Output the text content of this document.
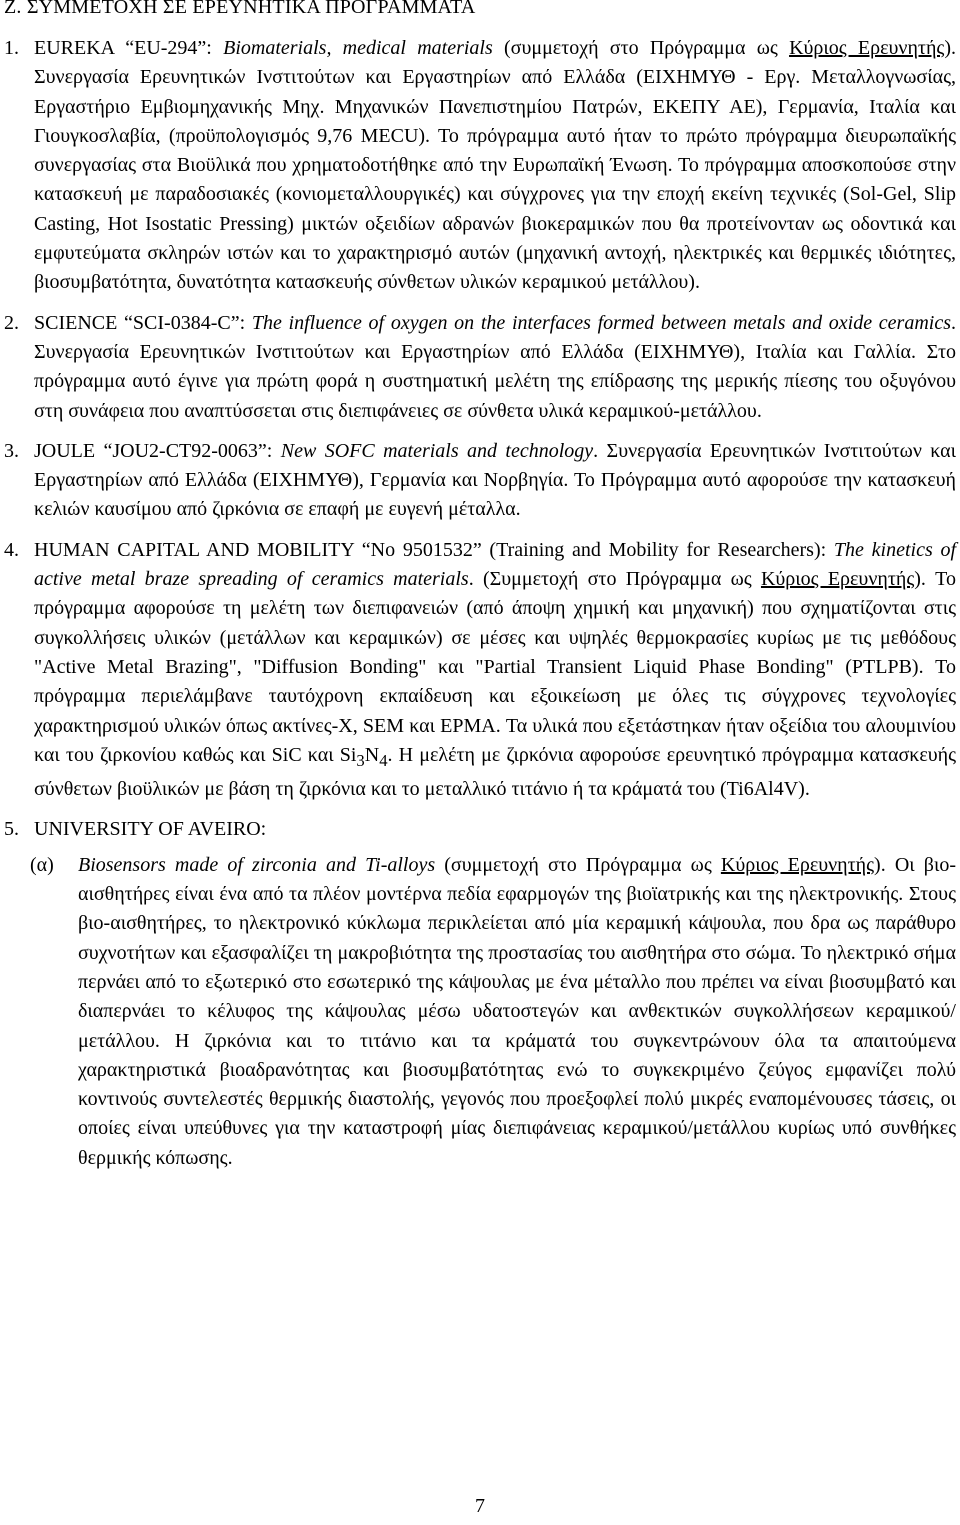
Ζ. ΣΥΜΜΕΤΟΧΗ ΣΕ ΕΡΕΥΝΗΤΙΚΑ ΠΡΟΓΡΑΜΜΑΤΑ
1. EUREKA “EU-294”: Biomaterials, medical materials (συμμετοχή στο Πρόγραμμα ως Κύριος Ερευνητής). Συνεργασία Ερευνητικών Ινστιτούτων και Εργαστηρίων από Ελλάδα (ΕΙΧΗΜΥΘ - Εργ. Μεταλλογνωσίας, Εργαστήριο Εμβιομηχανικής Μηχ. Μηχανικών Πανεπιστημίου Πατρών, ΕΚΕΠΥ ΑΕ), Γερμανία, Ιταλία και Γιουγκοσλαβία, (προϋπολογισμός 9,76 MECU). Το πρόγραμμα αυτό ήταν το πρώτο πρόγραμμα διευρωπαϊκής συνεργασίας στα Βιοϋλικά που χρηματοδοτήθηκε από την Ευρωπαϊκή Ένωση. Το πρόγραμμα αποσκοπούσε στην κατασκευή με παραδοσιακές (κονιομεταλλουργικές) και σύγχρονες για την εποχή εκείνη τεχνικές (Sol-Gel, Slip Casting, Hot Isostatic Pressing) μικτών οξειδίων αδρανών βιοκεραμικών που θα προτείνονταν ως οδοντικά και εμφυτεύματα σκληρών ιστών και το χαρακτηρισμό αυτών (μηχανική αντοχή, ηλεκτρικές και θερμικές ιδιότητες, βιοσυμβατότητα, δυνατότητα κατασκευής σύνθετων υλικών κεραμικού μετάλλου).
2. SCIENCE “SCI-0384-C”: The influence of oxygen on the interfaces formed between metals and oxide ceramics. Συνεργασία Ερευνητικών Ινστιτούτων και Εργαστηρίων από Ελλάδα (ΕΙΧΗΜΥΘ), Ιταλία και Γαλλία. Στο πρόγραμμα αυτό έγινε για πρώτη φορά η συστηματική μελέτη της επίδρασης της μερικής πίεσης του οξυγόνου στη συνάφεια που αναπτύσσεται στις διεπιφάνειες σε σύνθετα υλικά κεραμικού-μετάλλου.
3. JOULE “JOU2-CT92-0063”: New SOFC materials and technology. Συνεργασία Ερευνητικών Ινστιτούτων και Εργαστηρίων από Ελλάδα (ΕΙΧΗΜΥΘ), Γερμανία και Νορβηγία. Το Πρόγραμμα αυτό αφορούσε την κατασκευή κελιών καυσίμου από ζιρκόνια σε επαφή με ευγενή μέταλλα.
4. HUMAN CAPITAL AND MOBILITY “No 9501532” (Training and Mobility for Researchers): The kinetics of active metal braze spreading of ceramics materials. (Συμμετοχή στο Πρόγραμμα ως Κύριος Ερευνητής). Το πρόγραμμα αφορούσε τη μελέτη των διεπιφανειών (από άποψη χημική και μηχανική) που σχηματίζονται στις συγκολλήσεις υλικών (μετάλλων και κεραμικών) σε μέσες και υψηλές θερμοκρασίες κυρίως με τις μεθόδους "Active Metal Brazing", "Diffusion Bonding" και "Partial Transient Liquid Phase Bonding" (PTLPB). Το πρόγραμμα περιελάμβανε ταυτόχρονη εκπαίδευση και εξοικείωση με όλες τις σύγχρονες τεχνολογίες χαρακτηρισμού υλικών όπως ακτίνες-Χ, SEM και EPMA. Τα υλικά που εξετάστηκαν ήταν οξείδια του αλουμινίου και του ζιρκονίου καθώς και SiC και $Si_3N_4$. Η μελέτη με ζιρκόνια αφορούσε ερευνητικό πρόγραμμα κατασκευής σύνθετων βιοϋλικών με βάση τη ζιρκόνια και το μεταλλικό τιτάνιο ή τα κράματά του (Ti6Al4V).
5. UNIVERSITY OF AVEIRO:
(α)	Biosensors made of zirconia and Ti-alloys (συμμετοχή στο Πρόγραμμα ως Κύριος Ερευνητής). Οι βιο-αισθητήρες είναι ένα από τα πλέον μοντέρνα πεδία εφαρμογών της βιοϊατρικής και της ηλεκτρονικής. Στους βιο-αισθητήρες, το ηλεκτρονικό κύκλωμα περικλείεται από μία κεραμική κάψουλα, που δρα ως παράθυρο συχνοτήτων και εξασφαλίζει τη μακροβιότητα της προστασίας του αισθητήρα στο σώμα. Το ηλεκτρικό σήμα περνάει από το εξωτερικό στο εσωτερικό της κάψουλας με ένα μέταλλο που πρέπει να είναι βιοσυμβατό και διαπερνάει το κέλυφος της κάψουλας μέσω υδατοστεγών και ανθεκτικών συγκολλήσεων κεραμικού/μετάλλου. Η ζιρκόνια και το τιτάνιο και τα κράματά του συγκεντρώνουν όλα τα απαιτούμενα χαρακτηριστικά βιοαδρανότητας και βιοσυμβατότητας ενώ το συγκεκριμένο ζεύγος εμφανίζει πολύ κοντινούς συντελεστές θερμικής διαστολής, γεγονός που προεξοφλεί πολύ μικρές εναπομένουσες τάσεις, οι οποίες είναι υπεύθυνες για την καταστροφή μίας διεπιφάνειας κεραμικού/μετάλλου κυρίως υπό συνθήκες θερμικής κόπωσης.
7
